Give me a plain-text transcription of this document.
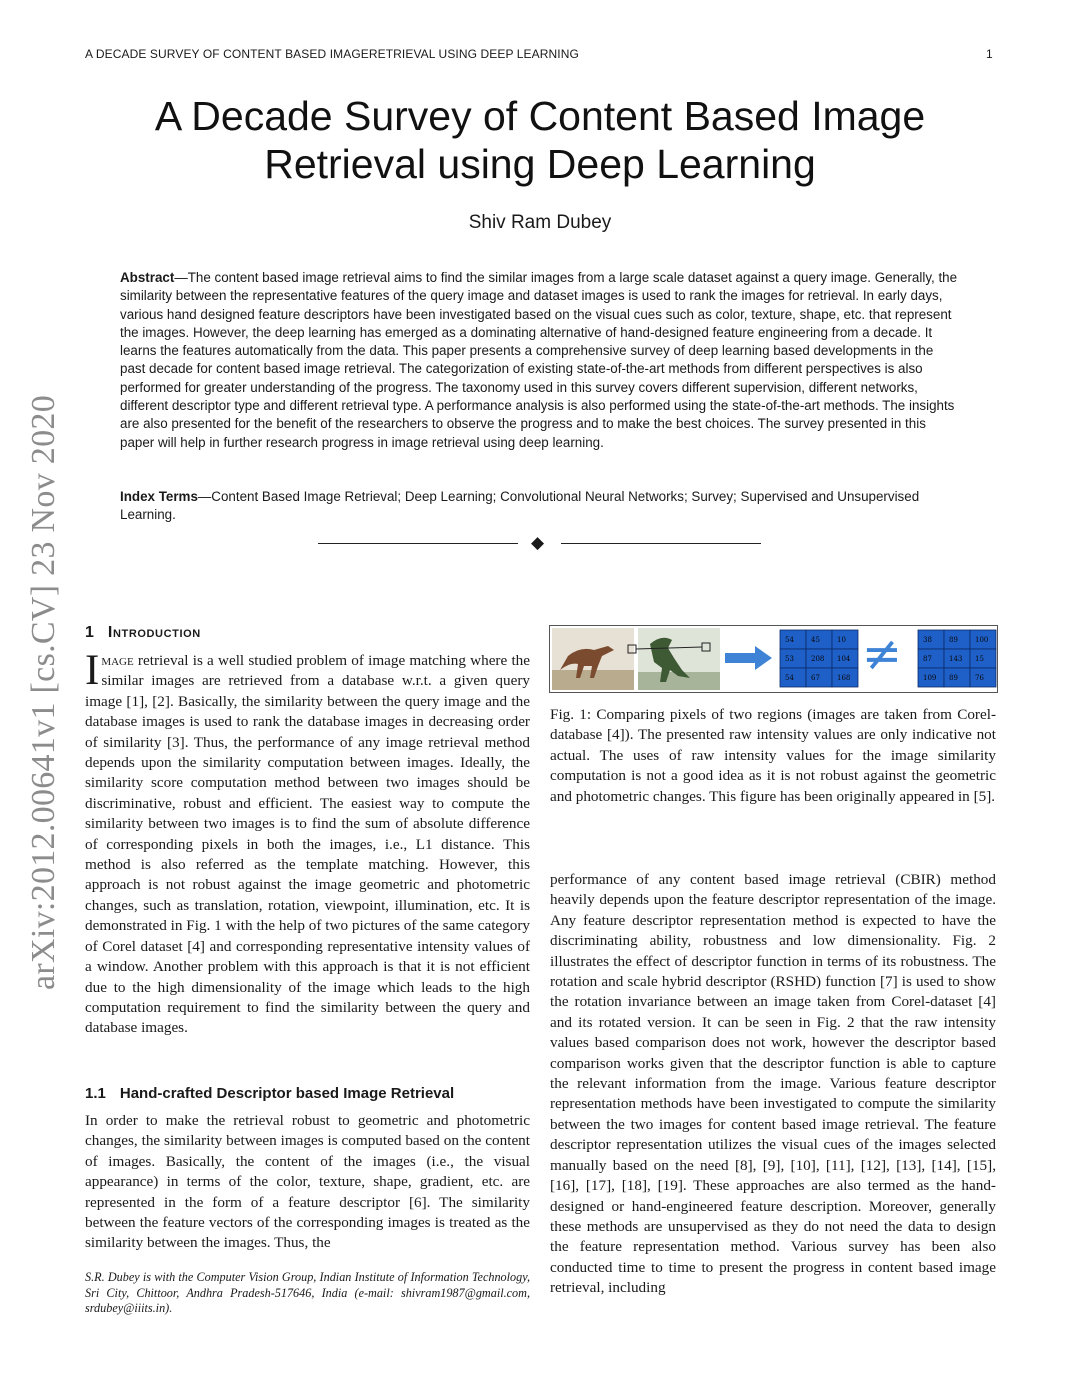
A DECADE SURVEY OF CONTENT BASED IMAGERETRIEVAL USING DEEP LEARNING	1
A Decade Survey of Content Based Image
Retrieval using Deep Learning
Shiv Ram Dubey
Abstract—The content based image retrieval aims to find the similar images from a large scale dataset against a query image. Generally, the similarity between the representative features of the query image and dataset images is used to rank the images for retrieval. In early days, various hand designed feature descriptors have been investigated based on the visual cues such as color, texture, shape, etc. that represent the images. However, the deep learning has emerged as a dominating alternative of hand-designed feature engineering from a decade. It learns the features automatically from the data. This paper presents a comprehensive survey of deep learning based developments in the past decade for content based image retrieval. The categorization of existing state-of-the-art methods from different perspectives is also performed for greater understanding of the progress. The taxonomy used in this survey covers different supervision, different networks, different descriptor type and different retrieval type. A performance analysis is also performed using the state-of-the-art methods. The insights are also presented for the benefit of the researchers to observe the progress and to make the best choices. The survey presented in this paper will help in further research progress in image retrieval using deep learning.
Index Terms—Content Based Image Retrieval; Deep Learning; Convolutional Neural Networks; Survey; Supervised and Unsupervised Learning.
◆
arXiv:2012.00641v1 [cs.CV] 23 Nov 2020 1 Introduction
Image retrieval is a well studied problem of image matching where the similar images are retrieved from a database w.r.t. a given query image [1], [2]. Basically, the similarity between the query image and the database images is used to rank the database images in decreasing order of similarity [3]. Thus, the performance of any image retrieval method depends upon the similarity computation between images. Ideally, the similarity score computation method between two images should be discriminative, robust and efficient. The easiest way to compute the similarity between two images is to find the sum of absolute difference of corresponding pixels in both the images, i.e., L1 distance. This method is also referred as the template matching. However, this approach is not robust against the image geometric and photometric changes, such as translation, rotation, viewpoint, illumination, etc. It is demonstrated in Fig. 1 with the help of two pictures of the same category of Corel dataset [4] and corresponding representative intensity values of a window. Another problem with this approach is that it is not efficient due to the high dimensionality of the image which leads to the high computation requirement to find the similarity between the query and database images.
1.1 Hand-crafted Descriptor based Image Retrieval
In order to make the retrieval robust to geometric and photometric changes, the similarity between images is computed based on the content of images. Basically, the content of the images (i.e., the visual appearance) in terms of the color, texture, shape, gradient, etc. are represented in the form of a feature descriptor [6]. The similarity between the feature vectors of the corresponding images is treated as the similarity between the images. Thus, the
S.R. Dubey is with the Computer Vision Group, Indian Institute of Information Technology, Sri City, Chittoor, Andhra Pradesh-517646, India (e-mail: shivram1987@gmail.com, srdubey@iiits.in).
54 45 10
53 208 104
54 67 168
38 89 100
87 143 15
109 89 76
≠
Fig. 1: Comparing pixels of two regions (images are taken from Corel-database [4]). The presented raw intensity values are only indicative not actual. The uses of raw intensity values for the image similarity computation is not a good idea as it is not robust against the geometric and photometric changes. This figure has been originally appeared in [5].
performance of any content based image retrieval (CBIR) method heavily depends upon the feature descriptor representation of the image. Any feature descriptor representation method is expected to have the discriminating ability, robustness and low dimensionality. Fig. 2 illustrates the effect of descriptor function in terms of its robustness. The rotation and scale hybrid descriptor (RSHD) function [7] is used to show the rotation invariance between an image taken from Corel-dataset [4] and its rotated version. It can be seen in Fig. 2 that the raw intensity values based comparison does not work, however the descriptor based comparison works given that the descriptor function is able to capture the relevant information from the image. Various feature descriptor representation methods have been investigated to compute the similarity between the two images for content based image retrieval. The feature descriptor representation utilizes the visual cues of the images selected manually based on the need [8], [9], [10], [11], [12], [13], [14], [15], [16], [17], [18], [19]. These approaches are also termed as the hand-designed or hand-engineered feature description. Moreover, generally these methods are unsupervised as they do not need the data to design the feature representation method. Various survey has been also conducted time to time to present the progress in content based image retrieval, including
